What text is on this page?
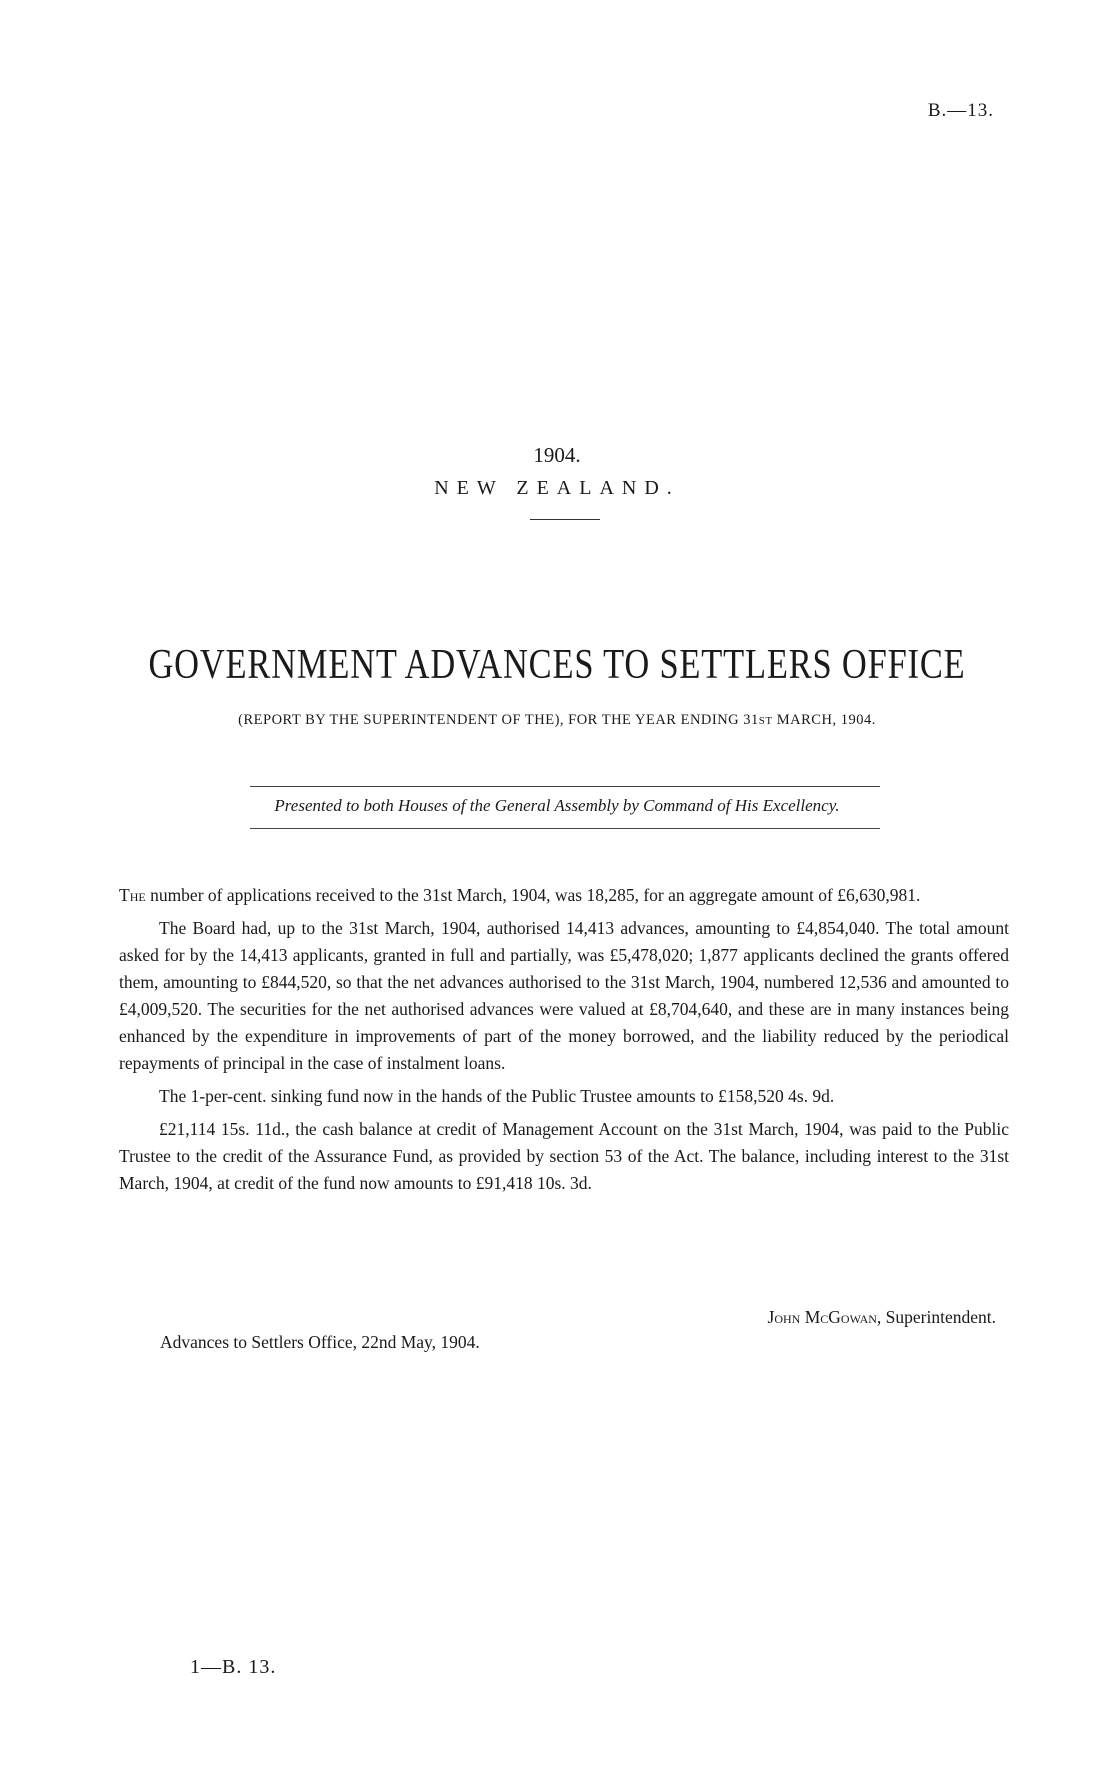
B.—13.
1904.
NEW ZEALAND.
GOVERNMENT ADVANCES TO SETTLERS OFFICE
(REPORT BY THE SUPERINTENDENT OF THE), FOR THE YEAR ENDING 31ST MARCH, 1904.
Presented to both Houses of the General Assembly by Command of His Excellency.

The number of applications received to the 31st March, 1904, was 18,285, for an aggregate amount of £6,630,981.

The Board had, up to the 31st March, 1904, authorised 14,413 advances, amounting to £4,854,040. The total amount asked for by the 14,413 applicants, granted in full and partially, was £5,478,020; 1,877 applicants declined the grants offered them, amounting to £844,520, so that the net advances authorised to the 31st March, 1904, numbered 12,536 and amounted to £4,009,520. The securities for the net authorised advances were valued at £8,704,640, and these are in many instances being enhanced by the expenditure in improvements of part of the money borrowed, and the liability reduced by the periodical repayments of principal in the case of instalment loans.

The 1-per-cent. sinking fund now in the hands of the Public Trustee amounts to £158,520 4s. 9d.

£21,114 15s. 11d., the cash balance at credit of Management Account on the 31st March, 1904, was paid to the Public Trustee to the credit of the Assurance Fund, as provided by section 53 of the Act. The balance, including interest to the 31st March, 1904, at credit of the fund now amounts to £91,418 10s. 3d.

John McGowan, Superintendent.
Advances to Settlers Office, 22nd May, 1904.
1—B. 13.
